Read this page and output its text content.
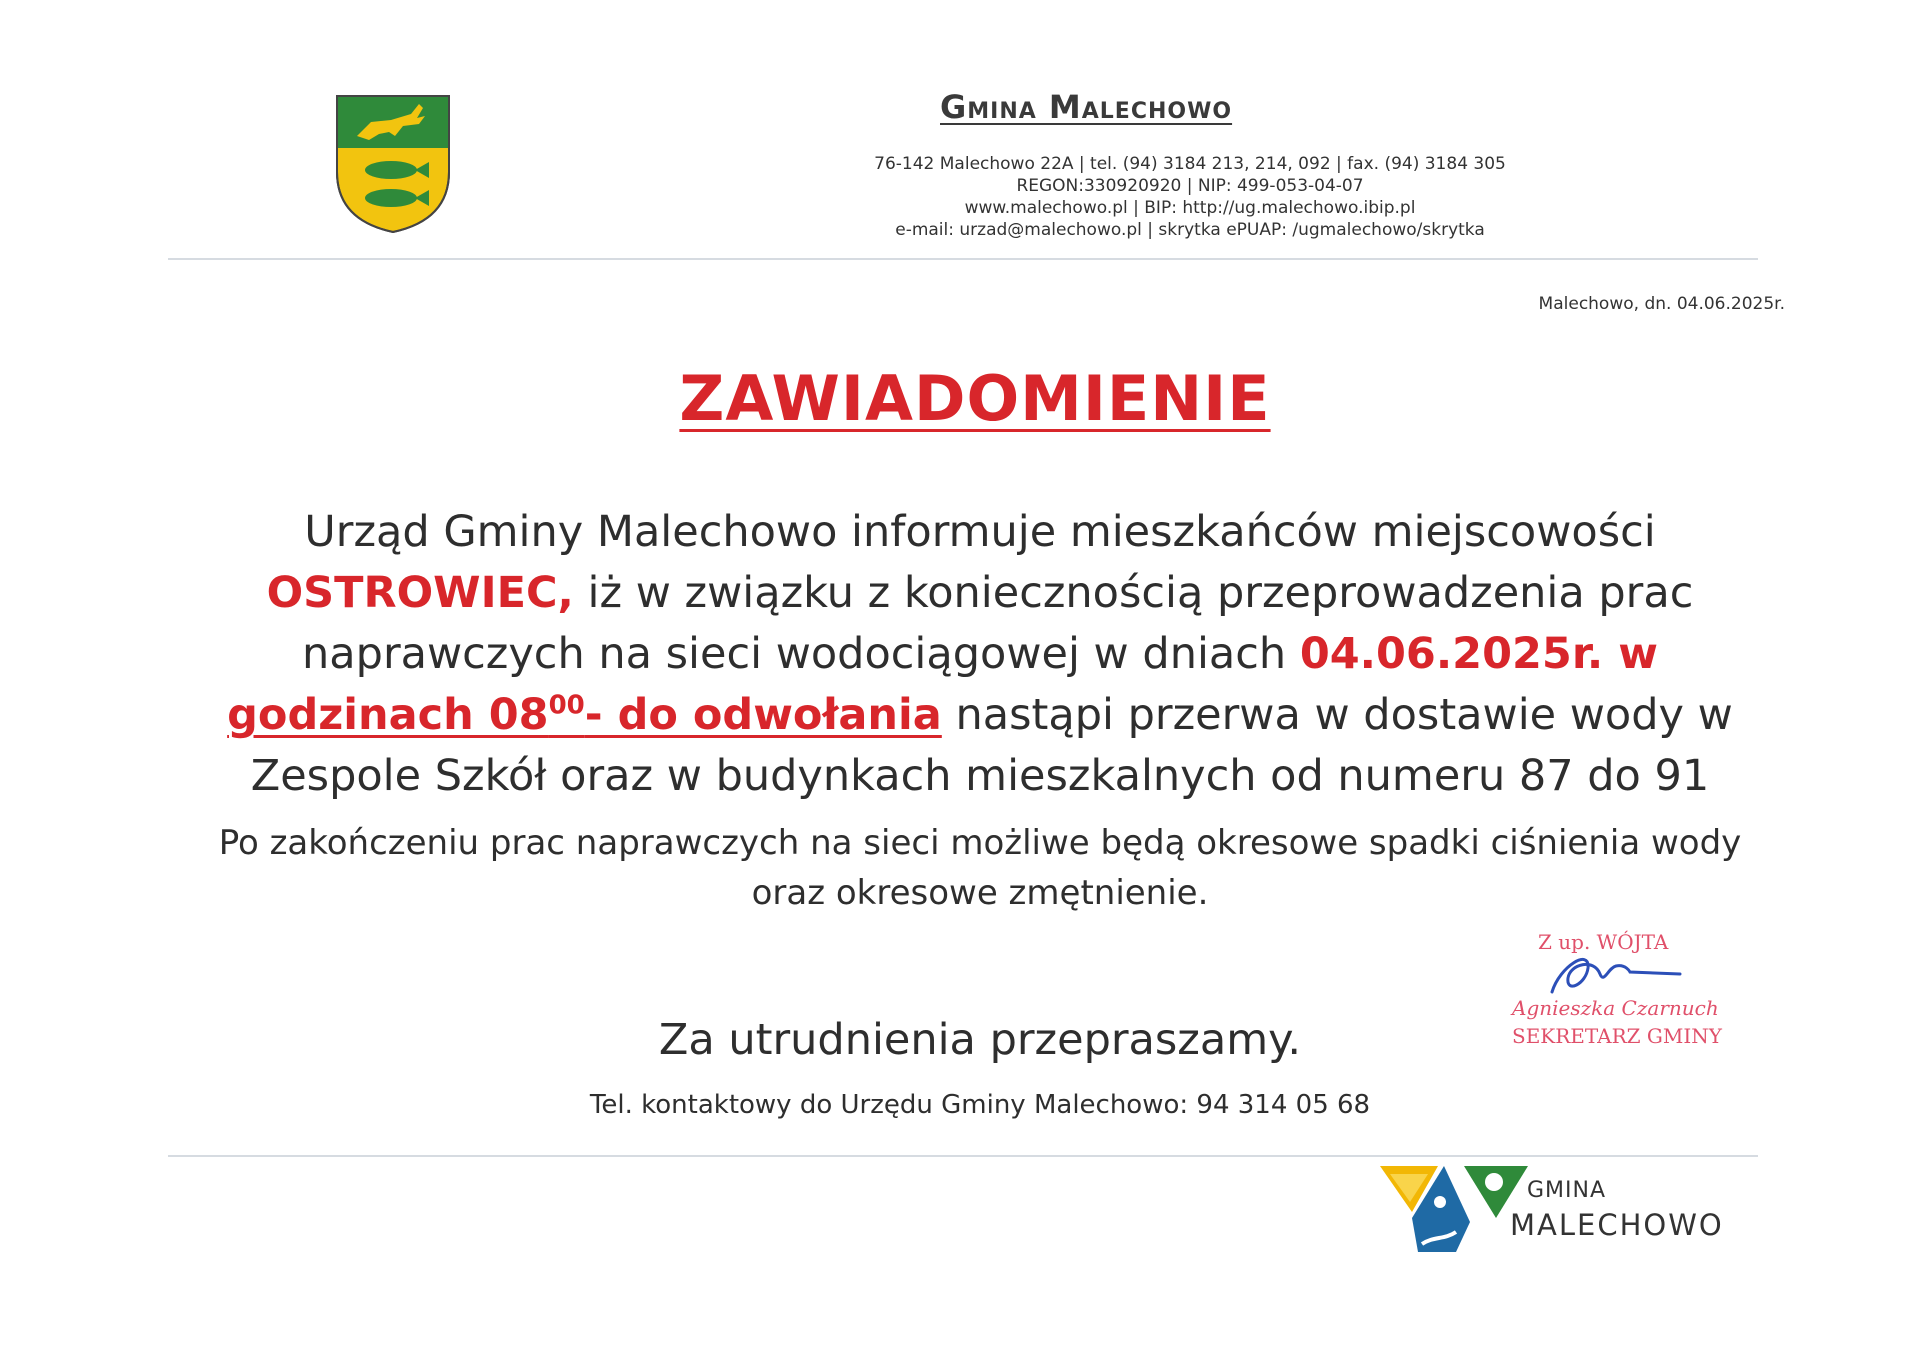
Gmina Malechowo
76-142 Malechowo 22A | tel. (94) 3184 213, 214, 092 | fax. (94) 3184 305
REGON:330920920 | NIP: 499-053-04-07
www.malechowo.pl | BIP: http://ug.malechowo.ibip.pl
e-mail: urzad@malechowo.pl | skrytka ePUAP: /ugmalechowo/skrytka
Malechowo, dn. 04.06.2025r.
ZAWIADOMIENIE
Urząd Gminy Malechowo informuje mieszkańców miejscowości
OSTROWIEC, iż w związku z koniecznością przeprowadzenia prac naprawczych na sieci wodociągowej w dniach 04.06.2025r. w godzinach $08^{00}-$ do odwołania nastąpi przerwa w dostawie wody w Zespole Szkół oraz w budynkach mieszkalnych od numeru 87 do 91
Po zakończeniu prac naprawczych na sieci możliwe będą okresowe spadki ciśnienia wody oraz okresowe zmętnienie.
Z up. WÓJTA
Agnieszka Czarnuch
SEKRETARZ GMINY
Za utrudnienia przepraszamy.
Tel. kontaktowy do Urzędu Gminy Malechowo: 94 314 05 68
GMINA
MALECHOWO
